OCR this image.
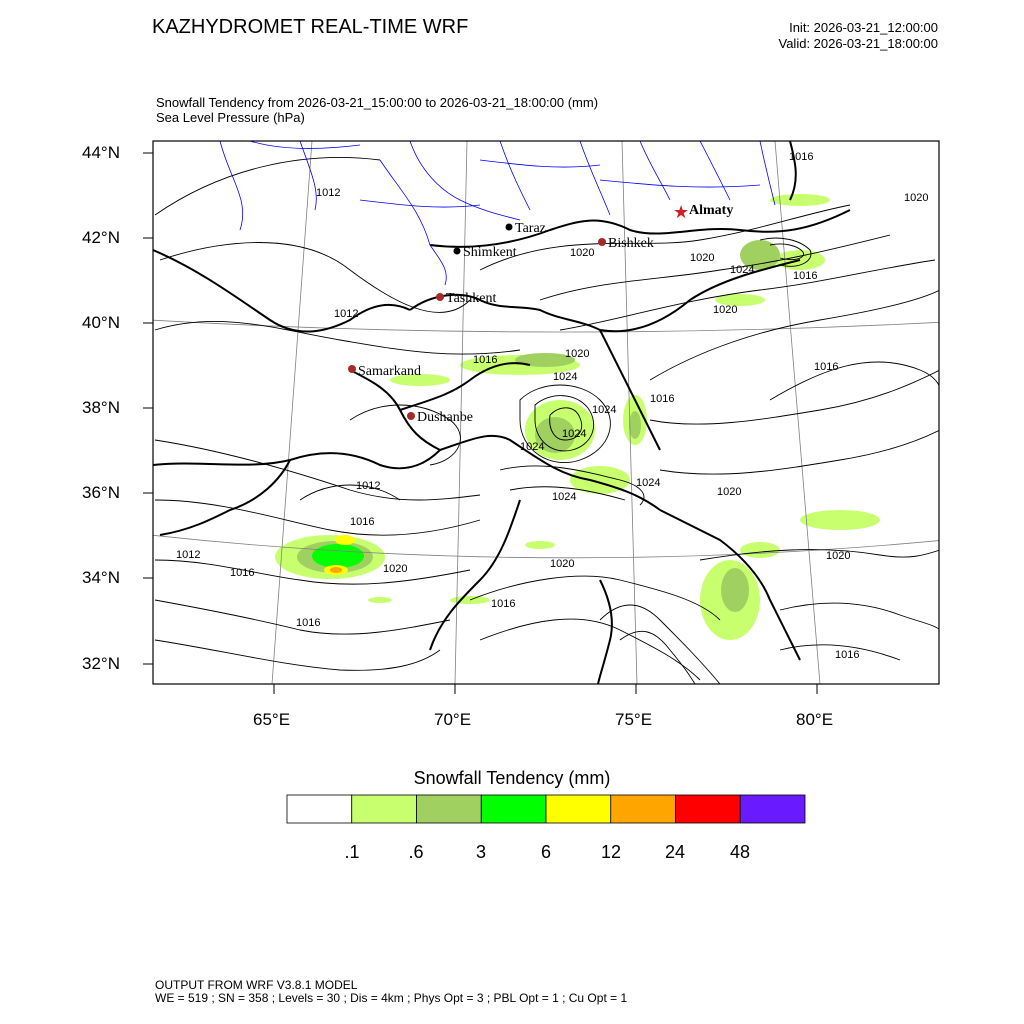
KAZHYDROMET REAL-TIME WRF	Init: 2026-03-21_12:00:00
Valid: 2026-03-21_18:00:00
Snowfall Tendency from 2026-03-21_15:00:00 to 2026-03-21_18:00:00 (mm)
Sea Level Pressure (hPa)
1016
1012	1020
1020
1024	1016
1020
1012
1016
1020
1020
1016
1024
1024
1016
1024
1024
1012	1024
1024	1020
1016
1012
1016	1020
1020
1016
1016
1020
1016
★ Almaty
Taraz
Shimkent
Bishkek
Tashkent
Samarkand
Dushanbe
44°N
42°N
40°N
38°N
36°N
34°N
32°N
65°E	70°E	75°E	80°E
Snowfall Tendency (mm)
.1	.6	3	6	12 24 48
OUTPUT FROM WRF V3.8.1 MODEL
WE = 519 ; SN = 358 ; Levels = 30 ; Dis = 4km ; Phys Opt = 3 ; PBL Opt = 1 ; Cu Opt = 1
